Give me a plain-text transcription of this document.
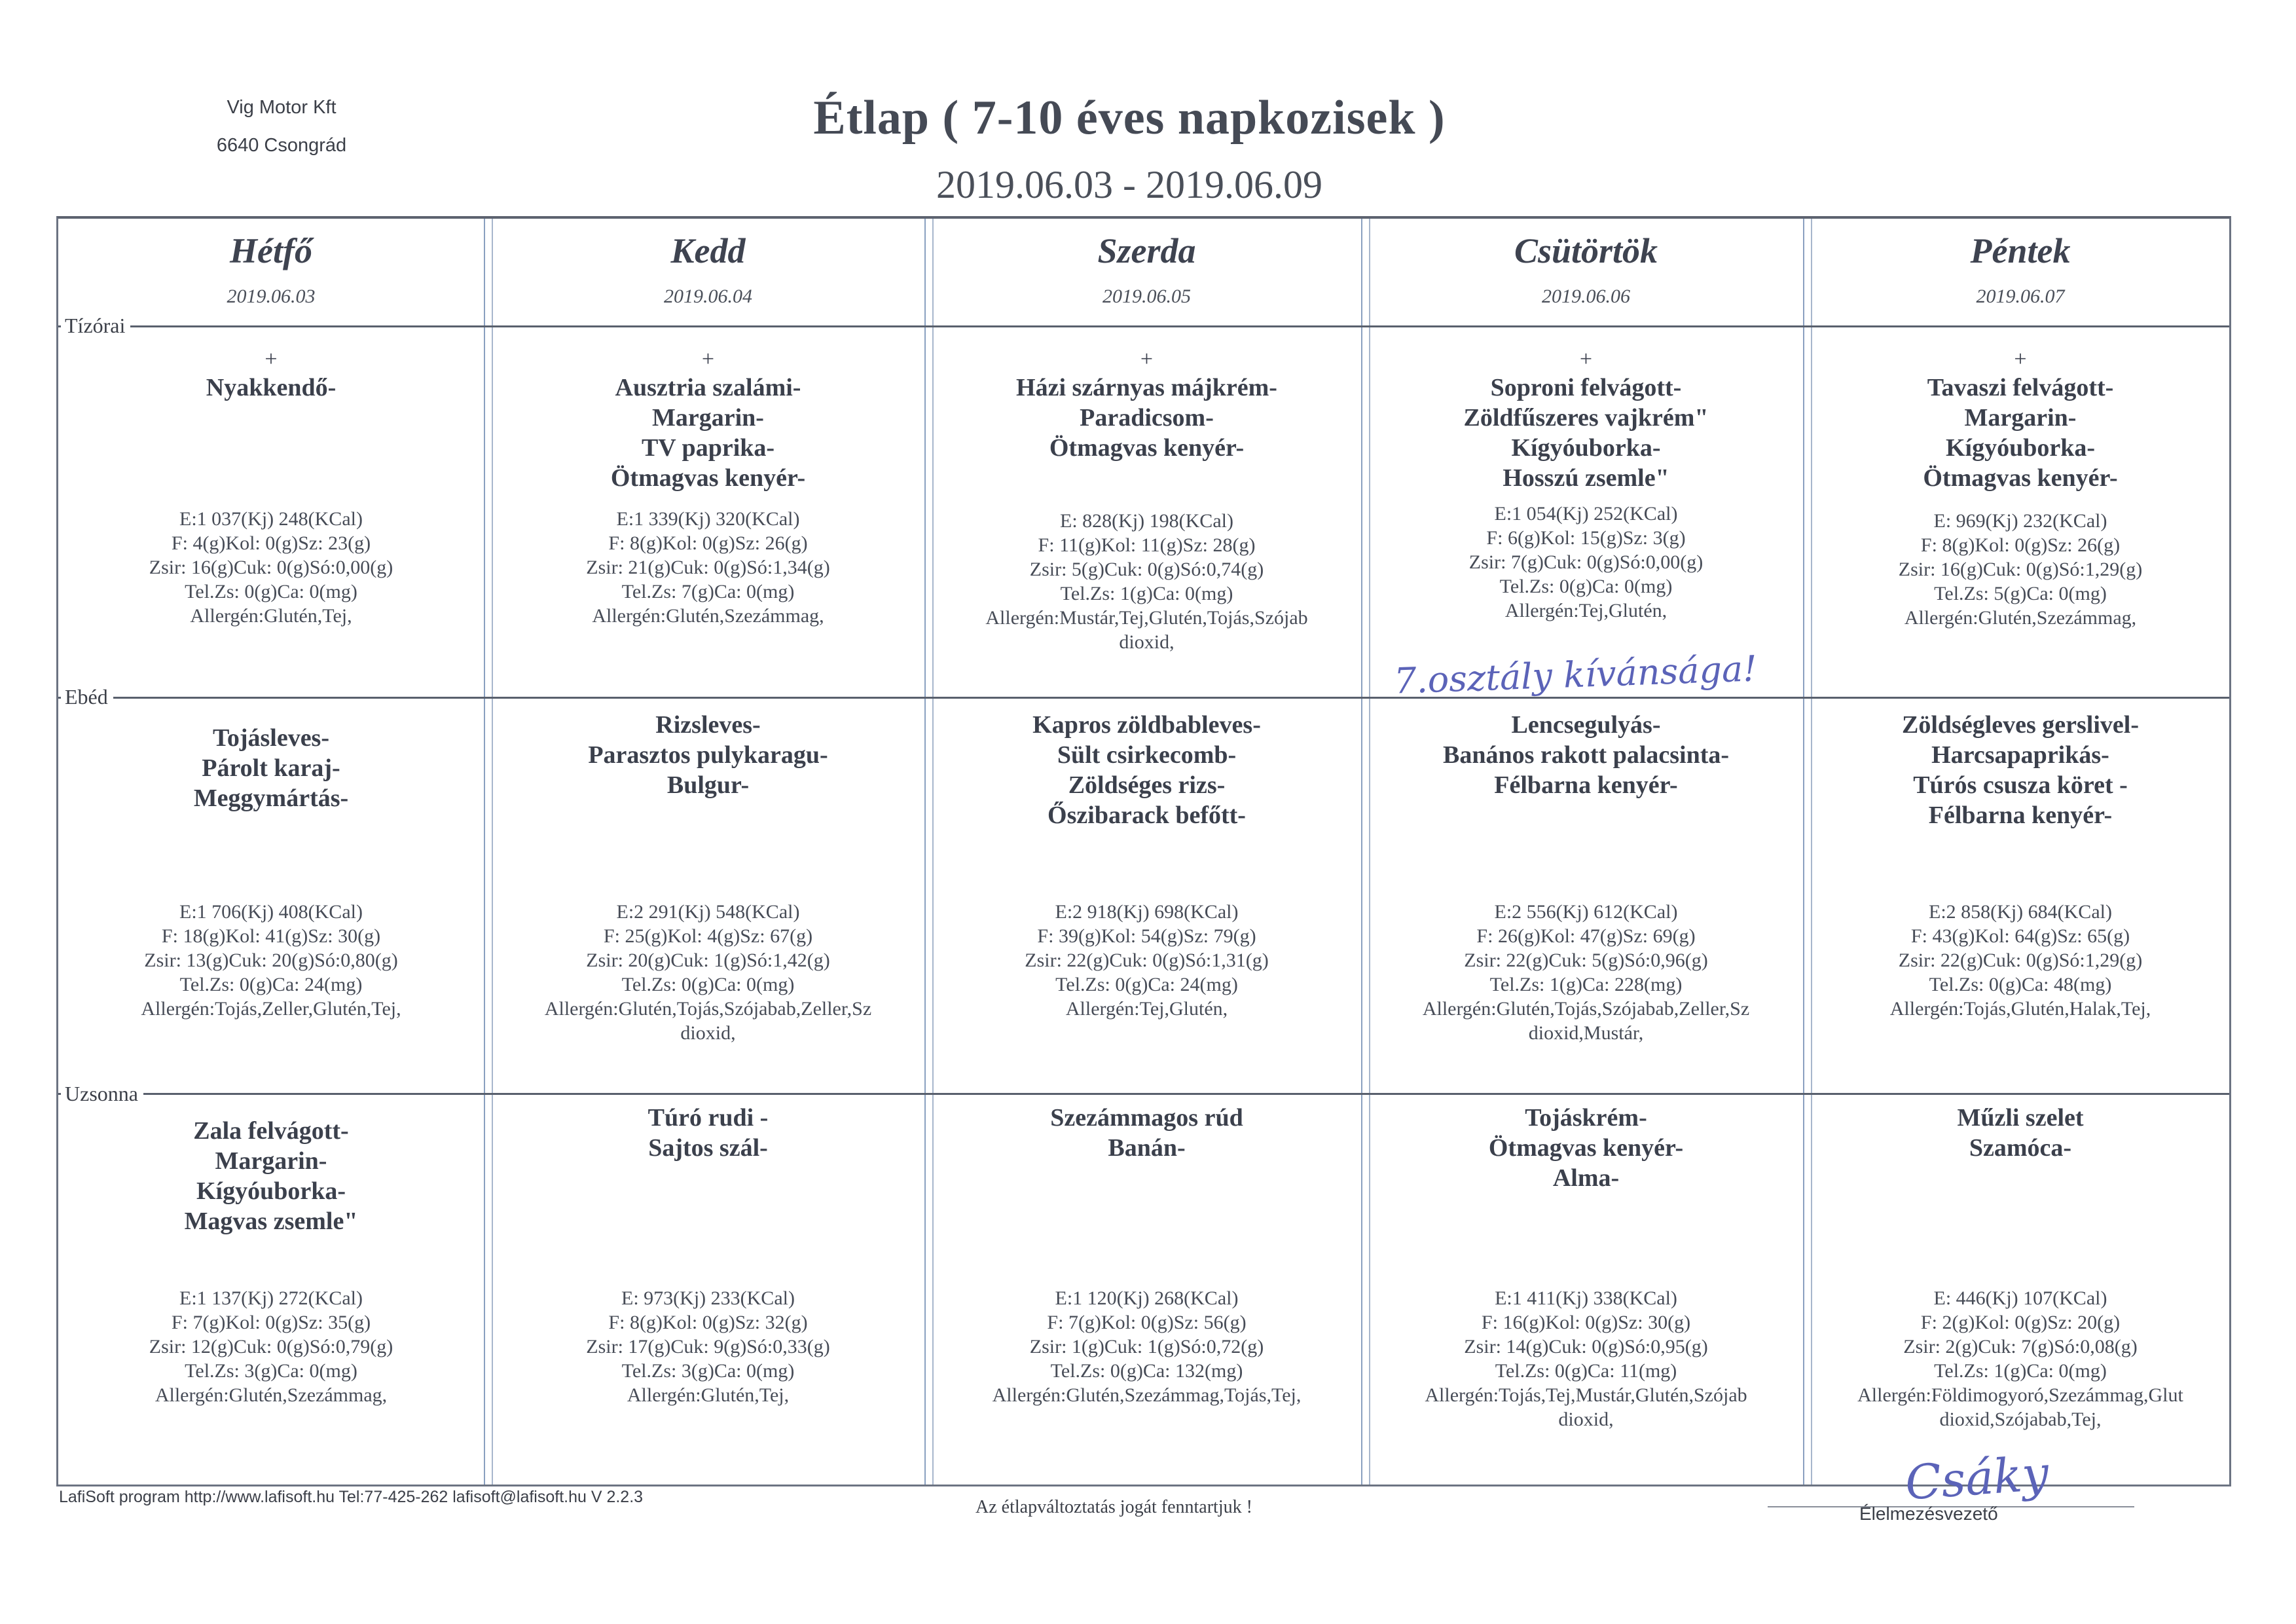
Vig Motor Kft
6640 Csongrád
Étlap ( 7-10 éves napkozisek )
2019.06.03 - 2019.06.09
Hétfő
2019.06.03
Kedd
2019.06.04
Szerda
2019.06.05
Csütörtök
2019.06.06
Péntek
2019.06.07
Tízórai
Ebéd
Uzsonna
+
Nyakkendő-
E:1 037(Kj) 248(KCal)
F: 4(g)Kol: 0(g)Sz: 23(g)
Zsir: 16(g)Cuk: 0(g)Só:0,00(g)
Tel.Zs: 0(g)Ca: 0(mg)
Allergén:Glutén,Tej,
+
Ausztria szalámi-
Margarin-
TV paprika-
Ötmagvas kenyér-
E:1 339(Kj) 320(KCal)
F: 8(g)Kol: 0(g)Sz: 26(g)
Zsir: 21(g)Cuk: 0(g)Só:1,34(g)
Tel.Zs: 7(g)Ca: 0(mg)
Allergén:Glutén,Szezámmag,
+
Házi szárnyas májkrém-
Paradicsom-
Ötmagvas kenyér-
E: 828(Kj) 198(KCal)
F: 11(g)Kol: 11(g)Sz: 28(g)
Zsir: 5(g)Cuk: 0(g)Só:0,74(g)
Tel.Zs: 1(g)Ca: 0(mg)
Allergén:Mustár,Tej,Glutén,Tojás,Szójab
dioxid,
+
Soproni felvágott-
Zöldfűszeres vajkrém"
Kígyóuborka-
Hosszú zsemle"
E:1 054(Kj) 252(KCal)
F: 6(g)Kol: 15(g)Sz: 3(g)
Zsir: 7(g)Cuk: 0(g)Só:0,00(g)
Tel.Zs: 0(g)Ca: 0(mg)
Allergén:Tej,Glutén,
+
Tavaszi felvágott-
Margarin-
Kígyóuborka-
Ötmagvas kenyér-
E: 969(Kj) 232(KCal)
F: 8(g)Kol: 0(g)Sz: 26(g)
Zsir: 16(g)Cuk: 0(g)Só:1,29(g)
Tel.Zs: 5(g)Ca: 0(mg)
Allergén:Glutén,Szezámmag,
Tojásleves-
Párolt karaj-
Meggymártás-
E:1 706(Kj) 408(KCal)
F: 18(g)Kol: 41(g)Sz: 30(g)
Zsir: 13(g)Cuk: 20(g)Só:0,80(g)
Tel.Zs: 0(g)Ca: 24(mg)
Allergén:Tojás,Zeller,Glutén,Tej,
Rizsleves-
Parasztos pulykaragu-
Bulgur-
E:2 291(Kj) 548(KCal)
F: 25(g)Kol: 4(g)Sz: 67(g)
Zsir: 20(g)Cuk: 1(g)Só:1,42(g)
Tel.Zs: 0(g)Ca: 0(mg)
Allergén:Glutén,Tojás,Szójabab,Zeller,Sz
dioxid,
Kapros zöldbableves-
Sült csirkecomb-
Zöldséges rizs-
Őszibarack befőtt-
E:2 918(Kj) 698(KCal)
F: 39(g)Kol: 54(g)Sz: 79(g)
Zsir: 22(g)Cuk: 0(g)Só:1,31(g)
Tel.Zs: 0(g)Ca: 24(mg)
Allergén:Tej,Glutén,
Lencsegulyás-
Banános rakott palacsinta-
Félbarna kenyér-
E:2 556(Kj) 612(KCal)
F: 26(g)Kol: 47(g)Sz: 69(g)
Zsir: 22(g)Cuk: 5(g)Só:0,96(g)
Tel.Zs: 1(g)Ca: 228(mg)
Allergén:Glutén,Tojás,Szójabab,Zeller,Sz
dioxid,Mustár,
Zöldségleves gerslivel-
Harcsapaprikás-
Túrós csusza köret -
Félbarna kenyér-
E:2 858(Kj) 684(KCal)
F: 43(g)Kol: 64(g)Sz: 65(g)
Zsir: 22(g)Cuk: 0(g)Só:1,29(g)
Tel.Zs: 0(g)Ca: 48(mg)
Allergén:Tojás,Glutén,Halak,Tej,
Zala felvágott-
Margarin-
Kígyóuborka-
Magvas zsemle"
E:1 137(Kj) 272(KCal)
F: 7(g)Kol: 0(g)Sz: 35(g)
Zsir: 12(g)Cuk: 0(g)Só:0,79(g)
Tel.Zs: 3(g)Ca: 0(mg)
Allergén:Glutén,Szezámmag,
Túró rudi -
Sajtos szál-
E: 973(Kj) 233(KCal)
F: 8(g)Kol: 0(g)Sz: 32(g)
Zsir: 17(g)Cuk: 9(g)Só:0,33(g)
Tel.Zs: 3(g)Ca: 0(mg)
Allergén:Glutén,Tej,
Szezámmagos rúd
Banán-
E:1 120(Kj) 268(KCal)
F: 7(g)Kol: 0(g)Sz: 56(g)
Zsir: 1(g)Cuk: 1(g)Só:0,72(g)
Tel.Zs: 0(g)Ca: 132(mg)
Allergén:Glutén,Szezámmag,Tojás,Tej,
Tojáskrém-
Ötmagvas kenyér-
Alma-
E:1 411(Kj) 338(KCal)
F: 16(g)Kol: 0(g)Sz: 30(g)
Zsir: 14(g)Cuk: 0(g)Só:0,95(g)
Tel.Zs: 0(g)Ca: 11(mg)
Allergén:Tojás,Tej,Mustár,Glutén,Szójab
dioxid,
Műzli szelet
Szamóca-
E: 446(Kj) 107(KCal)
F: 2(g)Kol: 0(g)Sz: 20(g)
Zsir: 2(g)Cuk: 7(g)Só:0,08(g)
Tel.Zs: 1(g)Ca: 0(mg)
Allergén:Földimogyoró,Szezámmag,Glut
dioxid,Szójabab,Tej,
7.osztály kívánsága!
Csáky
LafiSoft program http://www.lafisoft.hu Tel:77-425-262 lafisoft@lafisoft.hu V 2.2.3	Az étlapváltoztatás jogát fenntartjuk !	Élelmezésvezető
